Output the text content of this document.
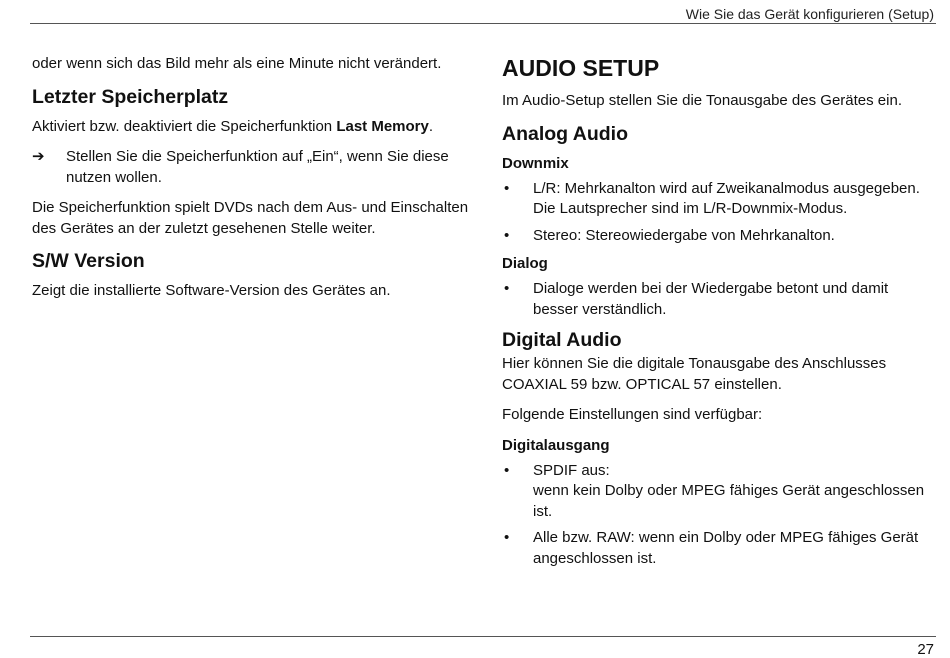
Wie Sie das Gerät konfigurieren (Setup)

oder wenn sich das Bild mehr als eine Minute nicht verändert.

Letzter Speicherplatz

Aktiviert bzw. deaktiviert die Speicherfunktion Last Memory.

➔	Stellen Sie die Speicherfunktion auf „Ein“, wenn Sie diese nutzen wollen.

Die Speicherfunktion spielt DVDs nach dem Aus- und Einschalten des Gerätes an der zuletzt gesehenen Stelle weiter.

S/W Version

Zeigt die installierte Software-Version des Gerätes an.

AUDIO SETUP

Im Audio-Setup stellen Sie die Tonausgabe des Gerätes ein.

Analog Audio
Downmix
•	L/R: Mehrkanalton wird auf Zweikanalmodus ausgegeben. Die Lautsprecher sind im L/R-Downmix-Modus.
•	Stereo: Stereowiedergabe von Mehrkanalton.
Dialog
•	Dialoge werden bei der Wiedergabe betont und damit besser verständlich.
Digital Audio

Hier können Sie die digitale Tonausgabe des Anschlusses COAXIAL 59 bzw. OPTICAL 57 einstellen.

Folgende Einstellungen sind verfügbar:

Digitalausgang
•	SPDIF aus:
wenn kein Dolby oder MPEG fähiges Gerät angeschlossen ist.
•	Alle bzw. RAW: wenn ein Dolby oder MPEG fähiges Gerät angeschlossen ist.
27
